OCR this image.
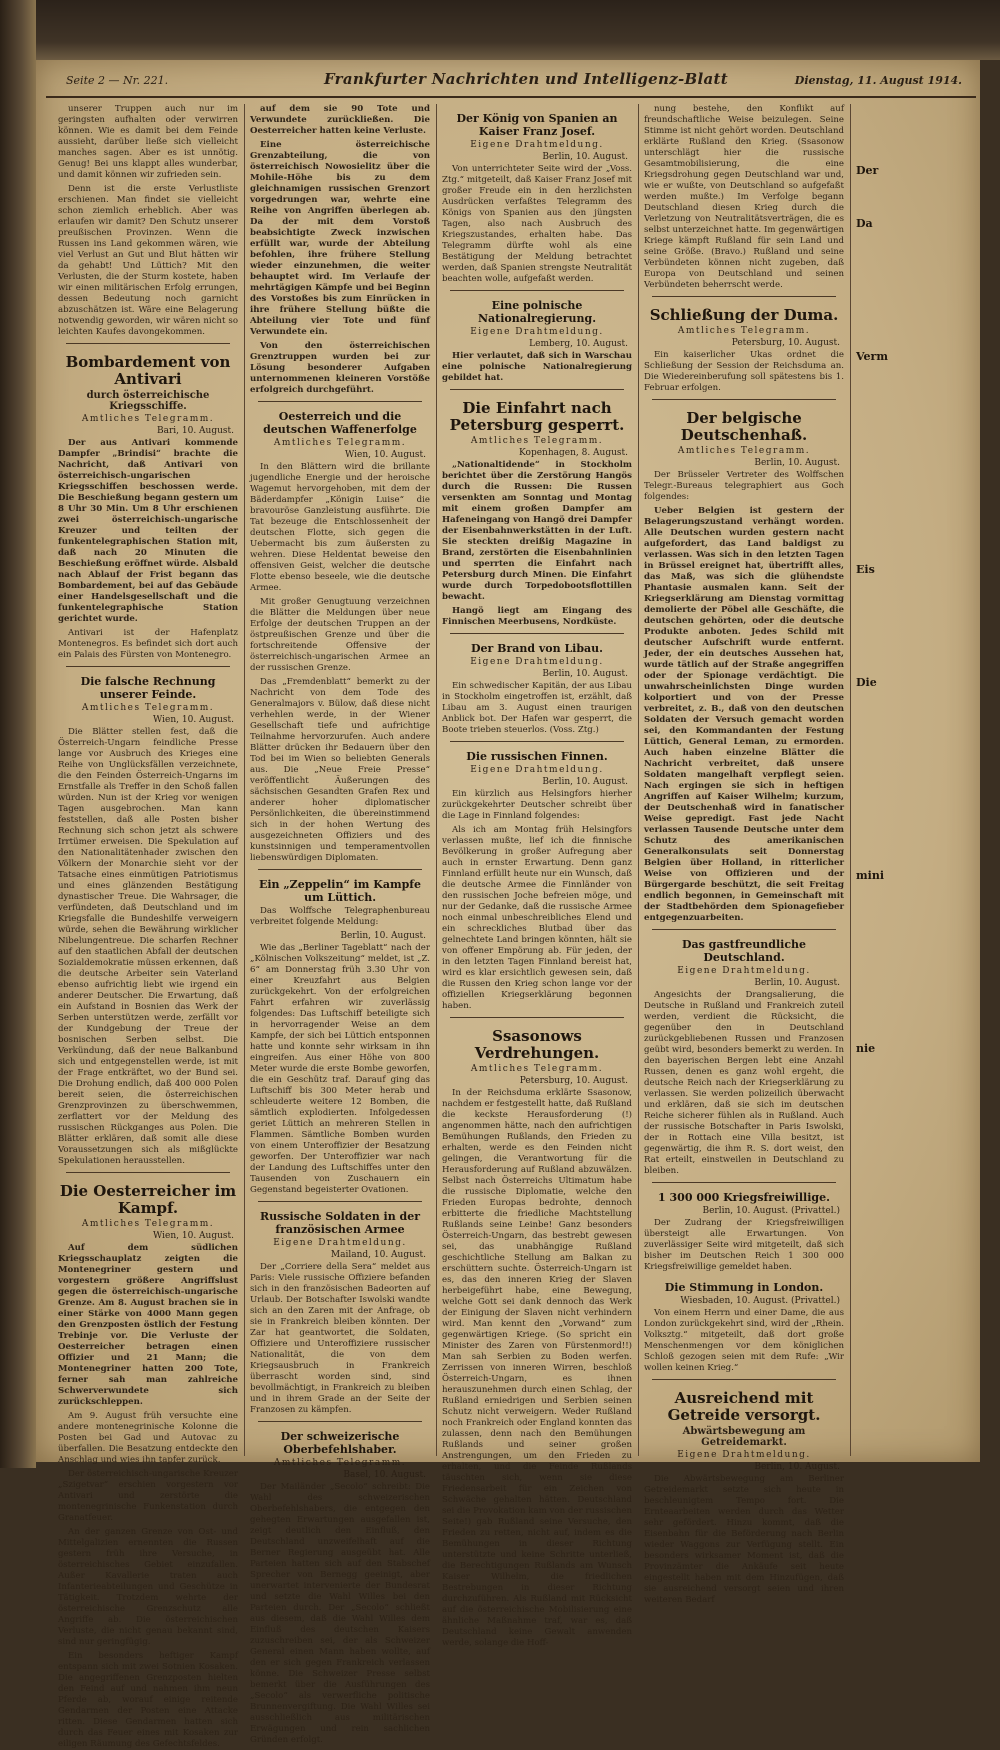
Seite 2 — Nr. 221.	Frankfurter Nachrichten und Intelligenz-Blatt	Dienstag, 11. August 1914.

unserer Truppen auch nur im geringsten aufhalten oder verwirren können. Wie es damit bei dem Feinde aussieht, darüber ließe sich vielleicht manches sagen. Aber es ist unnötig. Genug! Bei uns klappt alles wunderbar, und damit können wir zufrieden sein.

Denn ist die erste Verlustliste erschienen. Man findet sie vielleicht schon ziemlich erheblich. Aber was erlaufen wir damit? Den Schutz unserer preußischen Provinzen. Wenn die Russen ins Land gekommen wären, wie viel Verlust an Gut und Blut hätten wir da gehabt! Und Lüttich? Mit den Verlusten, die der Sturm kostete, haben wir einen militärischen Erfolg errungen, dessen Bedeutung noch garnicht abzuschätzen ist. Wäre eine Belagerung notwendig geworden, wir wären nicht so leichten Kaufes davongekommen.

Bombardement von Antivari
durch österreichische Kriegsschiffe.
Amtliches Telegramm.
Bari, 10. August.

Der aus Antivari kommende Dampfer „Brindisi“ brachte die Nachricht, daß Antivari von österreichisch-ungarischen Kriegsschiffen beschossen werde. Die Beschießung begann gestern um 8 Uhr 30 Min. Um 8 Uhr erschienen zwei österreichisch-ungarische Kreuzer und teilten der funkentelegraphischen Station mit, daß nach 20 Minuten die Beschießung eröffnet würde. Alsbald nach Ablauf der Frist begann das Bombardement, bei auf das Gebäude einer Handelsgesellschaft und die funkentelegraphische Station gerichtet wurde.

Antivari ist der Hafenplatz Montenegros. Es befindet sich dort auch ein Palais des Fürsten von Montenegro.

Die falsche Rechnung unserer Feinde.
Amtliches Telegramm.
Wien, 10. August.

Die Blätter stellen fest, daß die Österreich-Ungarn feindliche Presse lange vor Ausbruch des Krieges eine Reihe von Unglücksfällen verzeichnete, die den Feinden Österreich-Ungarns im Ernstfalle als Treffer in den Schoß fallen würden. Nun ist der Krieg vor wenigen Tagen ausgebrochen. Man kann feststellen, daß alle Posten bisher Rechnung sich schon jetzt als schwere Irrtümer erweisen. Die Spekulation auf den Nationalitätenhader zwischen den Völkern der Monarchie sieht vor der Tatsache eines einmütigen Patriotismus und eines glänzenden Bestätigung dynastischer Treue. Die Wahrsager, die verfündeten, daß Deutschland und im Kriegsfalle die Bundeshilfe verweigern würde, sehen die Bewährung wirklicher Nibelungentreue. Die scharfen Rechner auf den staatlichen Abfall der deutschen Sozialdemokratie müssen erkennen, daß die deutsche Arbeiter sein Vaterland ebenso aufrichtig liebt wie irgend ein anderer Deutscher. Die Erwartung, daß ein Aufstand in Bosnien das Werk der Serben unterstützen werde, zerfällt vor der Kundgebung der Treue der bosnischen Serben selbst. Die Verkündung, daß der neue Balkanbund sich und entgegenstellen werde, ist mit der Frage entkräftet, wo der Bund sei. Die Drohung endlich, daß 400 000 Polen bereit seien, die österreichischen Grenzprovinzen zu überschwemmen, zerflattert vor der Meldung des russischen Rückganges aus Polen. Die Blätter erklären, daß somit alle diese Voraussetzungen sich als mißglückte Spekulationen herausstellen.

Die Oesterreicher im Kampf.
Amtliches Telegramm.
Wien, 10. August.

Auf dem südlichen Kriegsschauplatz zeigten die Montenegriner gestern und vorgestern größere Angriffslust gegen die österreichisch-ungarische Grenze. Am 8. August brachen sie in einer Stärke von 4000 Mann gegen den Grenzposten östlich der Festung Trebinje vor. Die Verluste der Oesterreicher betragen einen Offizier und 21 Mann; die Montenegriner hatten 200 Tote, ferner sah man zahlreiche Schwerverwundete sich zurückschleppen.

Am 9. August früh versuchte eine andere montenegrinische Kolonne die Posten bei Gad und Autovac zu überfallen. Die Besatzung entdeckte den Anschlag und wies ihn tapfer zurück.

Der österreichisch-ungarische Kreuzer „Szigetvar“ erschien vorgestern vor Antivari und zerstörte die montenegrinische Funkenstation durch Granatfeuer.

An der ganzen Grenze von Ost- und Mittelgalizien ernennten die Russen gestern früh ihre Versuche, in österreichisches Gebiet einzufallen. Außer Kavallerie traten auch Infanterieabteilungen und Geschütze in Tätigkeit. Trotzdem wehrte der österreichische Grenzschutz alle Angriffe ab. Die österreichischen Verluste, die nicht genau bekannt sind, sind nur geringfügig.

Ein besonders heftiger Kampf entspann sich mit zwei Sotnien Kosaken. Die angegriffenen Grenzposten hielten den Feind auf und nahmen ihm neun Pferde ab, worauf einige reitende Gendarmen der Posten eine Attacke ritten. Diese Gendarmen hatten sich durch das Feuer eines mit Kosaken zur eiligen Räumung des Gefechtsfeldes.

auf dem sie 90 Tote und Verwundete zurückließen. Die Oesterreicher hatten keine Verluste.

Eine österreichische Grenzabteilung, die von österreichisch Nowosielitz über die Mohile-Höhe bis zu dem gleichnamigen russischen Grenzort vorgedrungen war, wehrte eine Reihe von Angriffen überlegen ab. Da der mit dem Vorstoß beabsichtigte Zweck inzwischen erfüllt war, wurde der Abteilung befohlen, ihre frühere Stellung wieder einzunehmen, die weiter behauptet wird. Im Verlaufe der mehrtägigen Kämpfe und bei Beginn des Vorstoßes bis zum Einrücken in ihre frühere Stellung büßte die Abteilung vier Tote und fünf Verwundete ein.

Von den österreichischen Grenztruppen wurden bei zur Lösung besonderer Aufgaben unternommenen kleineren Vorstöße erfolgreich durchgeführt.

Oesterreich und die deutschen Waffenerfolge
Amtliches Telegramm.
Wien, 10. August.

In den Blättern wird die brillante jugendliche Energie und der heroische Wagemut hervorgehoben, mit dem der Bäderdampfer „Königin Luise“ die bravouröse Ganzleistung ausführte. Die Tat bezeuge die Entschlossenheit der deutschen Flotte, sich gegen die Uebermacht bis zum äußersten zu wehren. Diese Heldentat beweise den offensiven Geist, welcher die deutsche Flotte ebenso beseele, wie die deutsche Armee.

Mit großer Genugtuung verzeichnen die Blätter die Meldungen über neue Erfolge der deutschen Truppen an der östpreußischen Grenze und über die fortschreitende Offensive der österreichisch-ungarischen Armee an der russischen Grenze.

Das „Fremdenblatt“ bemerkt zu der Nachricht von dem Tode des Generalmajors v. Bülow, daß diese nicht verhehlen werde, in der Wiener Gesellschaft tiefe und aufrichtige Teilnahme hervorzurufen. Auch andere Blätter drücken ihr Bedauern über den Tod bei im Wien so beliebten Generals aus. Die „Neue Freie Presse“ veröffentlicht Äußerungen des sächsischen Gesandten Grafen Rex und anderer hoher diplomatischer Persönlichkeiten, die übereinstimmend sich in der hohen Wertung des ausgezeichneten Offiziers und des kunstsinnigen und temperamentvollen liebenswürdigen Diplomaten.

Ein „Zeppelin“ im Kampfe um Lüttich.

Das Wolffsche Telegraphenbureau verbreitet folgende Meldung:

Berlin, 10. August.

Wie das „Berliner Tageblatt“ nach der „Kölnischen Volkszeitung“ meldet, ist „Z. 6“ am Donnerstag früh 3.30 Uhr von einer Kreuzfahrt aus Belgien zurückgekehrt. Von der erfolgreichen Fahrt erfahren wir zuverlässig folgendes: Das Luftschiff beteiligte sich in hervorragender Weise an dem Kampfe, der sich bei Lüttich entsponnen hatte und konnte sehr wirksam in ihn eingreifen. Aus einer Höhe von 800 Meter wurde die erste Bombe geworfen, die ein Geschütz traf. Darauf ging das Luftschiff bis 300 Meter herab und schleuderte weitere 12 Bomben, die sämtlich explodierten. Infolgedessen geriet Lüttich an mehreren Stellen in Flammen. Sämtliche Bomben wurden von einem Unteroffizier der Besatzung geworfen. Der Unteroffizier war nach der Landung des Luftschiffes unter den Tausenden von Zuschauern ein Gegenstand begeisterter Ovationen.

Russische Soldaten in der französischen Armee
Eigene Drahtmeldung.
Mailand, 10. August.

Der „Corriere della Sera“ meldet aus Paris: Viele russische Offiziere befanden sich in den französischen Badeorten auf Urlaub. Der Botschafter Iswolski wandte sich an den Zaren mit der Anfrage, ob sie in Frankreich bleiben könnten. Der Zar hat geantwortet, die Soldaten, Offiziere und Unteroffiziere russischer Nationalität, die von dem Kriegsausbruch in Frankreich überrascht worden sind, sind bevollmächtigt, in Frankreich zu bleiben und in ihrem Grade an der Seite der Franzosen zu kämpfen.

Der schweizerische Oberbefehlshaber.
Amtliches Telegramm.
Basel, 10. August.

Der Mailänder „Secolo“ schreibt: Die Wahl des schweizerischen Oberbefehlshabers, die entgegen den gehegten Erwartungen ausgefallen ist, zeigt deutlich den Einfluß, den Deutschland unzweifelhaft auf die Berner Regierung ausgeübt hat. Alle Parteien hatten sich auf den Stabschef Sprecher von Bernegg geeinigt, aber unerwartet intervenierte der Bundesrat und setzte die Wahl Willes bei den Parteien durch. Der „Secolo“ schließt aus diesem, daß die Wahl Willes dem Einfluß des deutschen Kaisers zuzuschreiben sei, der als Schweizer General einen Mann haben wollte, auf den er sich gegen Frankreich verlassen könne. Die Schweizer Presse selbst bemerkt über die Ausführungen des „Secolo“ als verwerfliche politische Brunnenvergiftung. Die Wahl Willes sei ausschließlich aus militärischen Erwägungen und rein sachlichen Gründen erfolgt.

Der König von Spanien an Kaiser Franz Josef.
Eigene Drahtmeldung.
Berlin, 10. August.

Von unterrichteter Seite wird der „Voss. Ztg.“ mitgeteilt, daß Kaiser Franz Josef mit großer Freude ein in den herzlichsten Ausdrücken verfaßtes Telegramm des Königs von Spanien aus den jüngsten Tagen, also nach Ausbruch des Kriegszustandes, erhalten habe. Das Telegramm dürfte wohl als eine Bestätigung der Meldung betrachtet werden, daß Spanien strengste Neutralität beachten wolle, aufgefaßt werden.

Eine polnische Nationalregierung.
Eigene Drahtmeldung.
Lemberg, 10. August.

Hier verlautet, daß sich in Warschau eine polnische Nationalregierung gebildet hat.

Die Einfahrt nach Petersburg gesperrt.
Amtliches Telegramm.
Kopenhagen, 8. August.

„Nationaltidende“ in Stockholm berichtet über die Zerstörung Hangös durch die Russen: Die Russen versenkten am Sonntag und Montag mit einem großen Dampfer am Hafeneingang von Hangö drei Dampfer der Eisenbahnwerkstätten in der Luft. Sie steckten dreißig Magazine in Brand, zerstörten die Eisenbahnlinien und sperrten die Einfahrt nach Petersburg durch Minen. Die Einfahrt wurde durch Torpedobootsflottillen bewacht.

Hangö liegt am Eingang des Finnischen Meerbusens, Nordküste.

Der Brand von Libau.
Eigene Drahtmeldung.
Berlin, 10. August.

Ein schwedischer Kapitän, der aus Libau in Stockholm eingetroffen ist, erzählt, daß Libau am 3. August einen traurigen Anblick bot. Der Hafen war gesperrt, die Boote trieben steuerlos. (Voss. Ztg.)

Die russischen Finnen.
Eigene Drahtmeldung.
Berlin, 10. August.

Ein kürzlich aus Helsingfors hierher zurückgekehrter Deutscher schreibt über die Lage in Finnland folgendes:

Als ich am Montag früh Helsingfors verlassen mußte, lief ich die finnische Bevölkerung in großer Aufregung aber auch in ernster Erwartung. Denn ganz Finnland erfüllt heute nur ein Wunsch, daß die deutsche Armee die Finnländer von den russischen Joche befreien möge, und nur der Gedanke, daß die russische Armee noch einmal unbeschreibliches Elend und ein schreckliches Blutbad über das gelnechtete Land bringen könnten, hält sie von offener Empörung ab. Für jeden, der in den letzten Tagen Finnland bereist hat, wird es klar ersichtlich gewesen sein, daß die Russen den Krieg schon lange vor der offiziellen Kriegserklärung begonnen haben.

Ssasonows Verdrehungen.
Amtliches Telegramm.
Petersburg, 10. August.

In der Reichsduma erklärte Ssasonow, nachdem er festgestellt hatte, daß Rußland die keckste Herausforderung (!) angenommen hätte, nach den aufrichtigen Bemühungen Rußlands, den Frieden zu erhalten, werde es den Feinden nicht gelingen, die Verantwortung für die Herausforderung auf Rußland abzuwälzen. Selbst nach Österreichs Ultimatum habe die russische Diplomatie, welche den Frieden Europas bedrohte, dennoch erbitterte die friedliche Machtstellung Rußlands seine Leinbe! Ganz besonders Österreich-Ungarn, das bestrebt gewesen sei, das unabhängige Rußland geschichtliche Stellung am Balkan zu erschüttern suchte. Österreich-Ungarn ist es, das den inneren Krieg der Slaven herbeigeführt habe, eine Bewegung, welche Gott sei dank dennoch das Werk der Einigung der Slaven nicht verhindern wird. Man kennt den „Vorwand“ zum gegenwärtigen Kriege. (So spricht ein Minister des Zaren von Fürstenmord!!) Man sah Serbien zu Boden werfen. Zerrissen von inneren Wirren, beschloß Österreich-Ungarn, es ihnen herauszunehmen durch einen Schlag, der Rußland erniedrigen und Serbien seinen Schutz nicht verweigern. Weder Rußland noch Frankreich oder England konnten das zulassen, denn nach den Bemühungen Rußlands und seiner großen Anstrengungen, um den Frieden zu erhalten, und die Feinde Rußlands täuschten sich, wenn sie diese Friedensarbeit für ein Zeichen von Schwäche gehalten hätten. Deutschland sei die Provokation kam von der russischen Seite!) gab Rußland seine Versuche, den Frieden zu retten, nicht auf, indem es die Bemühungen in dieser Richtung unterstützte und keine Schritte unterließ, die Berechtigungen Rußlands am Wunsch Kaiser Wilhelm, die friedlichen Bestrebungen in dieser Richtung durchzuführen. Als Rußland mit Rücksicht auf die österreichische Mobilisierung eine ähnliche Maßnahme traf, war es, daß Deutschland keine Gewalt anwenden werde, solange die Hoff-

nung bestehe, den Konflikt auf freundschaftliche Weise beizulegen. Seine Stimme ist nicht gehört worden. Deutschland erklärte Rußland den Krieg. (Ssasonow unterschlägt hier die russische Gesamtmobilisierung, die eine Kriegsdrohung gegen Deutschland war und, wie er wußte, von Deutschland so aufgefaßt werden mußte.) Im Verfolge begann Deutschland diesen Krieg durch die Verletzung von Neutralitätsverträgen, die es selbst unterzeichnet hatte. Im gegenwärtigen Kriege kämpft Rußland für sein Land und seine Größe. (Bravo.) Rußland und seine Verbündeten können nicht zugeben, daß Europa von Deutschland und seinen Verbündeten beherrscht werde.

Schließung der Duma.
Amtliches Telegramm.
Petersburg, 10. August.

Ein kaiserlicher Ukas ordnet die Schließung der Session der Reichsduma an. Die Wiedereinberufung soll spätestens bis 1. Februar erfolgen.

Der belgische Deutschenhaß.
Amtliches Telegramm.
Berlin, 10. August.

Der Brüsseler Vertreter des Wolffschen Telegr.-Bureaus telegraphiert aus Goch folgendes:

Ueber Belgien ist gestern der Belagerungszustand verhängt worden. Alle Deutschen wurden gestern nacht aufgefordert, das Land baldigst zu verlassen. Was sich in den letzten Tagen in Brüssel ereignet hat, übertrifft alles, das Maß, was sich die glühendste Phantasie ausmalen kann. Seit der Kriegserklärung am Dienstag vormittag demolierte der Pöbel alle Geschäfte, die deutschen gehörten, oder die deutsche Produkte anboten. Jedes Schild mit deutscher Aufschrift wurde entfernt. Jeder, der ein deutsches Aussehen hat, wurde tätlich auf der Straße angegriffen oder der Spionage verdächtigt. Die unwahrscheinlichsten Dinge wurden kolportiert und von der Presse verbreitet, z. B., daß von den deutschen Soldaten der Versuch gemacht worden sei, den Kommandanten der Festung Lüttich, General Leman, zu ermorden. Auch haben einzelne Blätter die Nachricht verbreitet, daß unsere Soldaten mangelhaft verpflegt seien. Nach ergingen sie sich in heftigen Angriffen auf Kaiser Wilhelm; kurzum, der Deutschenhaß wird in fanatischer Weise gepredigt. Fast jede Nacht verlassen Tausende Deutsche unter dem Schutz des amerikanischen Generalkonsulats seit Donnerstag Belgien über Holland, in ritterlicher Weise von Offizieren und der Bürgergarde beschützt, die seit Freitag endlich begonnen, in Gemeinschaft mit der Stadtbehörden dem Spionagefieber entgegenzuarbeiten.

Das gastfreundliche Deutschland.
Eigene Drahtmeldung.
Berlin, 10. August.

Angesichts der Drangsalierung, die Deutsche in Rußland und Frankreich zuteil werden, verdient die Rücksicht, die gegenüber den in Deutschland zurückgebliebenen Russen und Franzosen geübt wird, besonders bemerkt zu werden. In den bayerischen Bergen lebt eine Anzahl Russen, denen es ganz wohl ergeht, die deutsche Reich nach der Kriegserklärung zu verlassen. Sie werden polizeilich überwacht und erklären, daß sie sich im deutschen Reiche sicherer fühlen als in Rußland. Auch der russische Botschafter in Paris Iswolski, der in Rottach eine Villa besitzt, ist gegenwärtig, die ihm R. S. dort weist, den Rat erteilt, einstweilen in Deutschland zu bleiben.

1 300 000 Kriegsfreiwillige.
Berlin, 10. August. (Privattel.)

Der Zudrang der Kriegsfreiwilligen übersteigt alle Erwartungen. Von zuverlässiger Seite wird mitgeteilt, daß sich bisher im Deutschen Reich 1 300 000 Kriegsfreiwillige gemeldet haben.

Die Stimmung in London.
Wiesbaden, 10. August. (Privattel.)

Von einem Herrn und einer Dame, die aus London zurückgekehrt sind, wird der „Rhein. Volksztg.“ mitgeteilt, daß dort große Menschenmengen vor dem königlichen Schloß gezogen seien mit dem Rufe: „Wir wollen keinen Krieg.“

Ausreichend mit Getreide versorgt.
Abwärtsbewegung am Getreidemarkt.
Eigene Drahtmeldung.
Berlin, 10. August.

Die Abwärtsbewegung am Berliner Getreidemarkt setzte sich heute in beschleunigtem Tempo fort. Die Ernteaarbeiten werden durch das Wetter sehr gefördert. Hinzu kommt, daß die Eisenbahn für die Beförderung nach Berlin wieder Waggons zur Verfügung stellt. Ein besonders wirksamer Moment ist, daß die Provinzämter die Ankäufe seit heute eingestellt haben mit dem Hinzufügen, daß sie ausreichend versorgt seien und ihren weiteren Bedarf

Der
Da
Verm
Eis
Die
mini
nie
